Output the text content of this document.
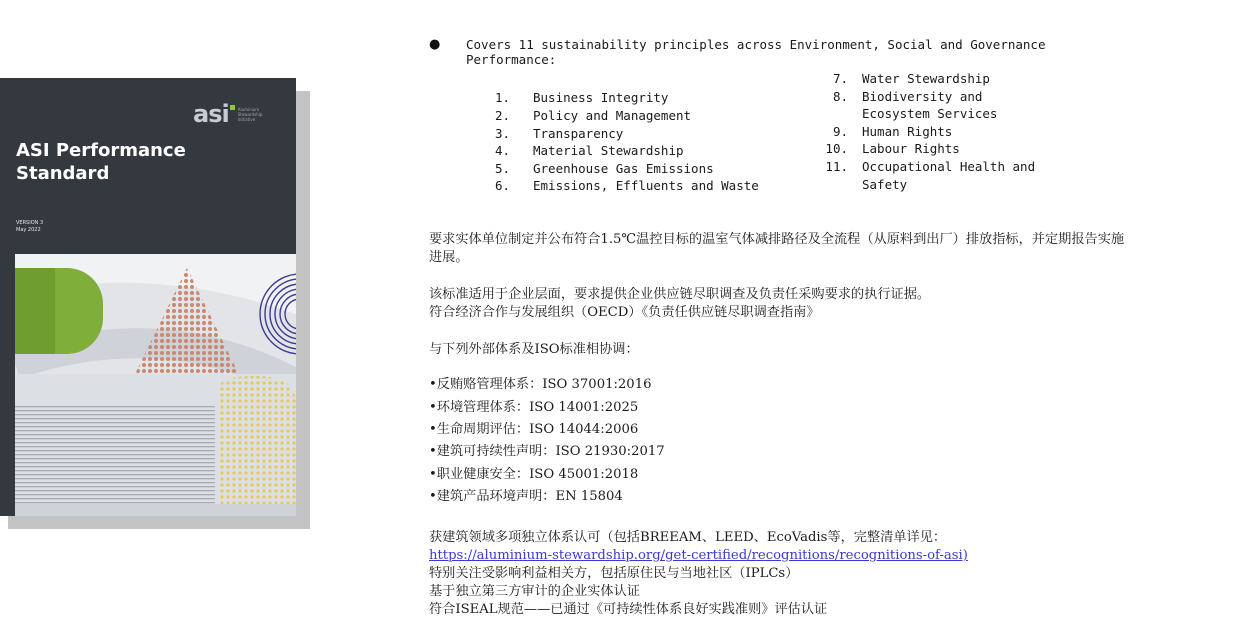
asi Aluminium Stewardship Initiative
ASI Performance
Standard
VERSION 3
May 2022
● Covers 11 sustainability principles across Environment, Social and Governance
Performance:
1. Business Integrity
2. Policy and Management
3. Transparency
4. Material Stewardship
5. Greenhouse Gas Emissions
6. Emissions, Effluents and Waste
7. Water Stewardship
8. Biodiversity and
Ecosystem Services
9. Human Rights
10. Labour Rights
11. Occupational Health and
Safety
要求实体单位制定并公布符合1.5℃温控目标的温室气体减排路径及全流程（从原料到出厂）排放指标，并定期报告实施
进展。
该标准适用于企业层面，要求提供企业供应链尽职调查及负责任采购要求的执行证据。
符合经济合作与发展组织（OECD）《负责任供应链尽职调查指南》
与下列外部体系及ISO标准相协调：
•反贿赂管理体系：ISO 37001:2016
•环境管理体系：ISO 14001:2025
•生命周期评估：ISO 14044:2006
•建筑可持续性声明：ISO 21930:2017
•职业健康安全：ISO 45001:2018
•建筑产品环境声明：EN 15804
获建筑领域多项独立体系认可（包括BREEAM、LEED、EcoVadis等，完整清单详见：
https://aluminium-stewardship.org/get-certified/recognitions/recognitions-of-asi)
特别关注受影响利益相关方，包括原住民与当地社区（IPLCs）
基于独立第三方审计的企业实体认证
符合ISEAL规范——已通过《可持续性体系良好实践准则》评估认证
